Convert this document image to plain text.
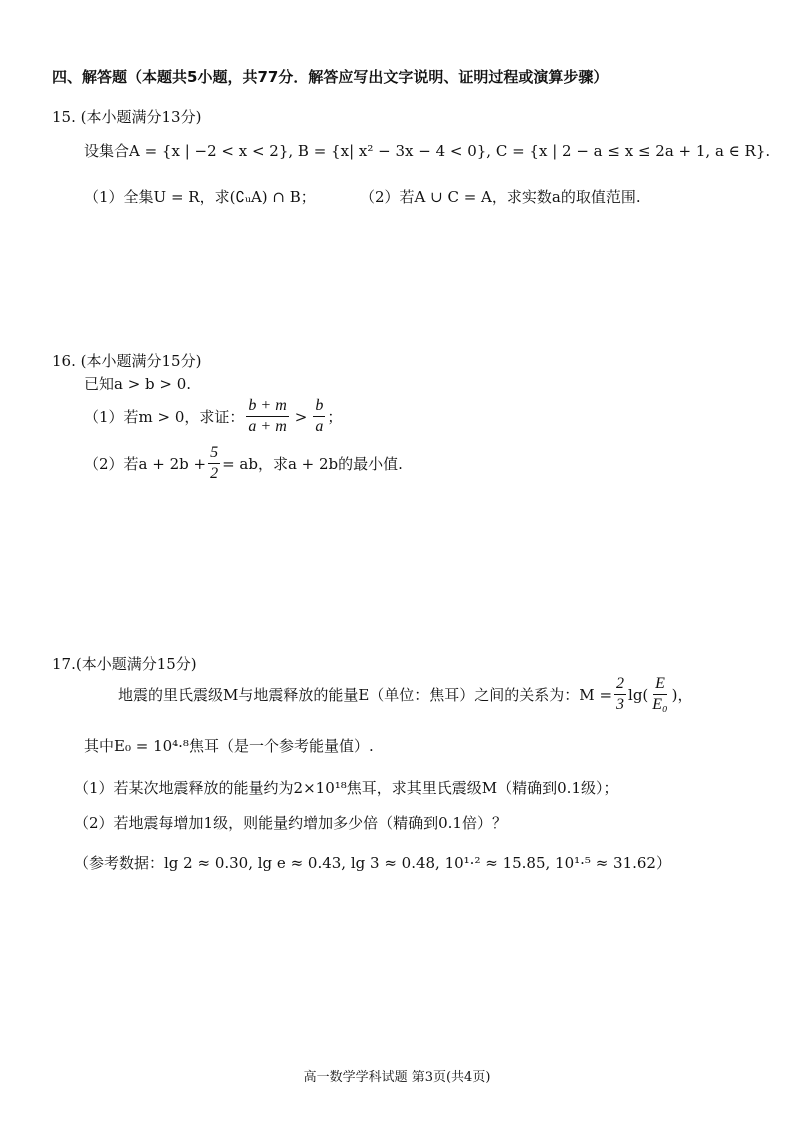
四、解答题（本题共5小题，共77分．解答应写出文字说明、证明过程或演算步骤）
15. (本小题满分13分)
设集合A = {x | −2 < x < 2}, B = {x| x² − 3x − 4 < 0}, C = {x | 2 − a ≤ x ≤ 2a + 1, a ∈ R}.
（1）全集U = R，求(∁ᵤA) ∩ B；	（2）若A ∪ C = A，求实数a的取值范围.
16. (本小题满分15分)
已知a > b > 0.
（1）若m > 0，求证： $\frac{b + m}{a + m} > \frac{b}{a}$ ；
（2）若$a + 2b + \frac{5}{2}$ = ab，求a + 2b的最小值.
17.(本小题满分15分)
地震的里氏震级M与地震释放的能量E（单位：焦耳）之间的关系为：$M = \frac{2}{3} \lg( \frac{E}{\text{E₀}}$ )，
其中E₀ = 10⁴·⁸焦耳（是一个参考能量值）.
（1）若某次地震释放的能量约为2×10¹⁸焦耳，求其里氏震级M（精确到0.1级）；
（2）若地震每增加1级，则能量约增加多少倍（精确到0.1倍）？
（参考数据：lg 2 ≈ 0.30, lg e ≈ 0.43, lg 3 ≈ 0.48, 10¹·² ≈ 15.85, 10¹·⁵ ≈ 31.62）
高一数学学科试题 第3页(共4页)
